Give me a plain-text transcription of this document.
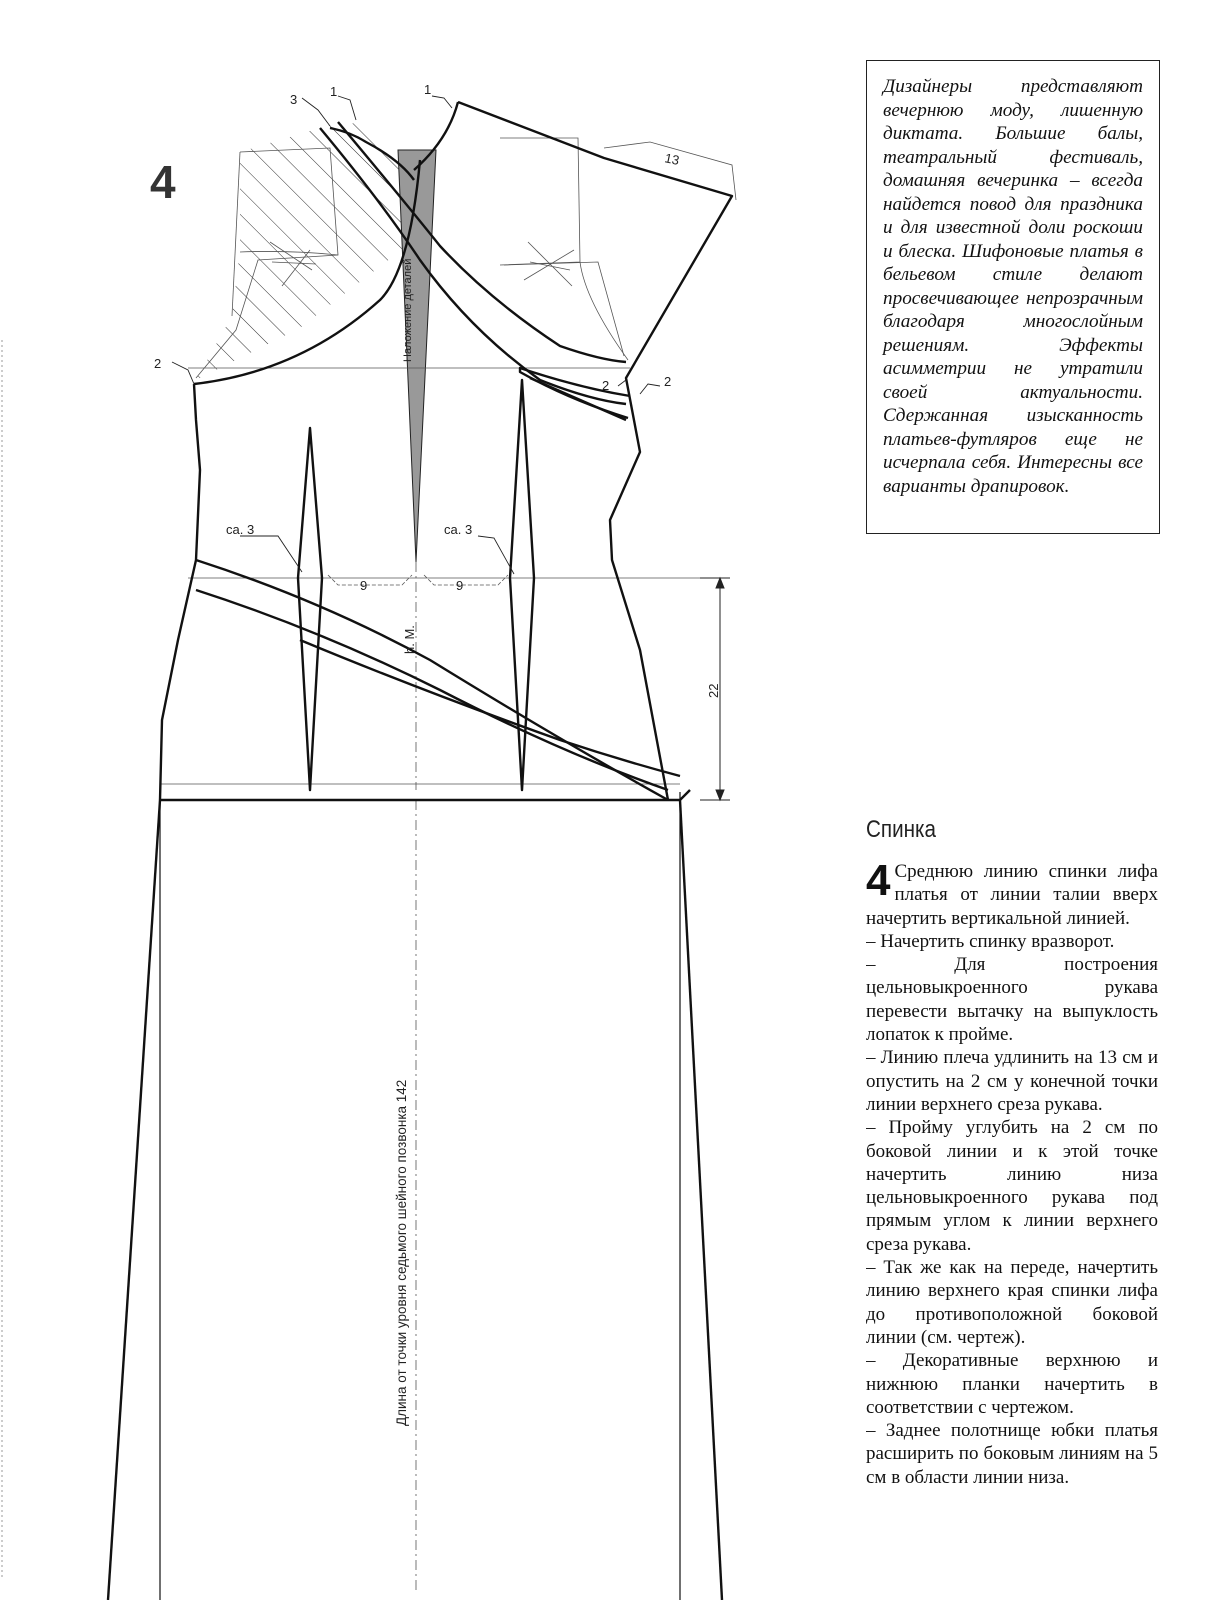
4
3
1	1
13
2
2	2
Наложение деталей
ca. 3	ca. 3
9	9
h. M.
22
Длина от точки уровня седьмого шейного позвонка 142

Дизайнеры представляют вечернюю моду, лишенную диктата. Большие балы, театральный фестиваль, домашняя вечеринка – всегда найдется повод для праздника и для известной доли роскоши и блеска. Шифоновые платья в бельевом стиле делают просвечивающее непрозрачным благодаря многослойным решениям. Эффекты асимметрии не утратили своей актуальности. Сдержанная изысканность платьев-футляров еще не исчерпала себя. Интересны все варианты драпировок.

Спинка
4 Среднюю линию спинки лифа платья от линии талии вверх начертить вертикальной линией.

– Начертить спинку вразворот.

– Для построения цельновыкроенного рукава перевести вытачку на выпуклость лопаток к пройме.

– Линию плеча удлинить на 13 см и опустить на 2 см у конечной точки линии верхнего среза рукава.

– Пройму углубить на 2 см по боковой линии и к этой точке начертить линию низа цельновыкроенного рукава под прямым углом к линии верхнего среза рукава.

– Так же как на переде, начертить линию верхнего края спинки лифа до противоположной боковой линии (см. чертеж).

– Декоративные верхнюю и нижнюю планки начертить в соответствии с чертежом.

– Заднее полотнище юбки платья расширить по боковым линиям на 5 см в области линии низа.
